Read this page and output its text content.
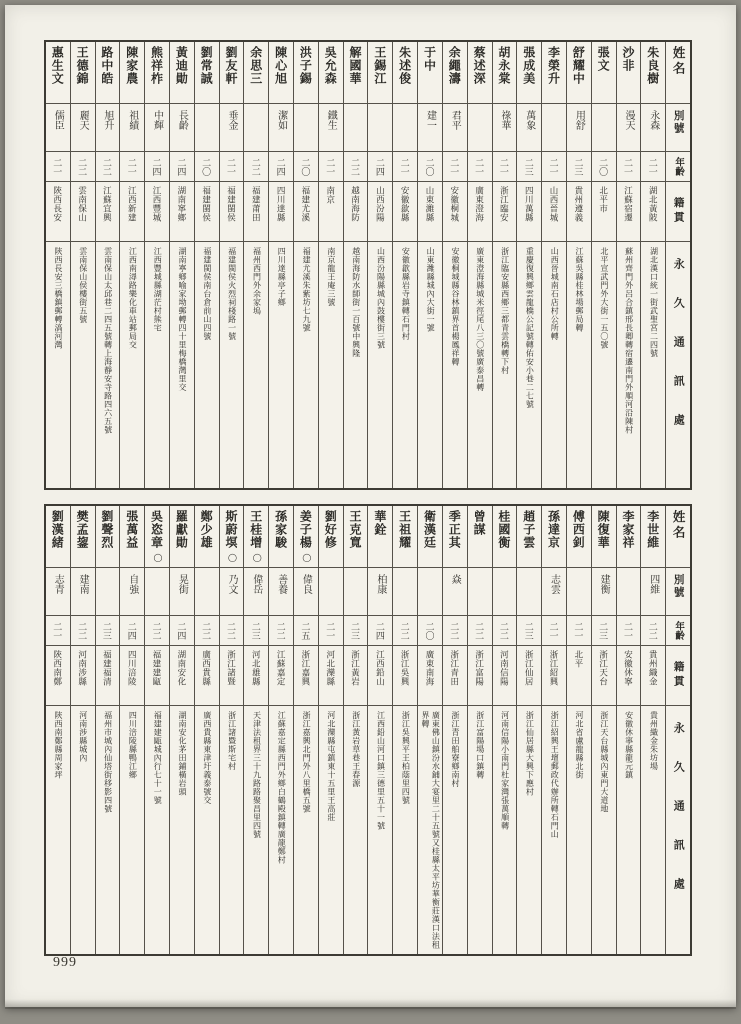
姓名
別號
年齡
籍貫
永久通訊處
朱良樹
永森
二一
湖北黃陂
湖北漢口統一街武聖宮二四號
沙非
漫天
二一
江蘇宿遷
蘇州齊門外呂合鎮邢長卿轉宿遷南門外順河沿陳村
張文
二〇
北平市
北平宣武門外大街一五〇號
舒耀中
用舒
二三
貴州遵義
江蘇吳縣桂林場郵局轉
李榮升
二一
山西晉城
山西晉城南石店村公所轉
張成美
萬象
二三
四川萬縣
重慶復興鄉雲龍橋公記號轉佑安小巷二七號
胡永棠
祿華
二一
浙江臨安
浙江臨安縣西鄉三都青雲橋轉下村
蔡述深
二一
廣東澄海
廣東澄海縣城米徑尾八三〇號廣泰昌轉
余繩濤
君平
二一
安徽桐城
安徽桐城縣谷林鎮界首楊鳳祥轉
于中
建一
二〇
山東濰縣
山東濰縣城內大街一號
朱述俊
二一
安徽歙縣
安徽歙縣岩寺鎮轉石門村
王錫江
二四
山西汾陽
山西汾陽縣城內鼓樓街三號
解國華
二二
越南海防
越南海防水師街一百號中興隆
吳允森
鐵生
二一
南京
南京龍王庵三號
洪子錫
二〇
福建尤溪
福建尤溪朱紫坊七九號
陳心旭
潔如
二四
四川達縣
四川達縣亭子鄉
余思三
二二
福建莆田
福州西門外余家塢
劉友軒
垂金
二一
福建閩侯
福建閩侯火烈祠棧路一號
劉常誠
二〇
福建閩侯
福建閩侯南台倉前山四號
黃迪勛
長齡
二四
湖南寧鄉
湖南寧鄉喻家坳郵轉四十里梅橋灣里交
熊祥柞
中輝
二四
江西豐城
江西豐城縣湖茫村熊宅
陳家農
祖績
二一
江西新建
江西南潯路樂化車站郵局交
路中皓
旭升
二二
江蘇宜興
雲南保山太邱巷二四五號轉上海靜安寺路四六五號
王德錦
麗天
二二
雲南保山
雲南保山侯樓街五號
惠生文
儒臣
二一
陝西長安
陝西長安三橋鎮郵轉滈河灣
姓名
別號
年齡
籍貫
永久通訊處
李世維
四維
二二
貴州織金
貴州織金朱坊場
李家祥
二一
安徽休寧
安徽休寧縣龍元鎮
陳復華
建衡
二三
浙江天台
浙江天台縣城內東門大道地
傅西釗
二一
北平
河北省盧龍縣北街
孫達京
志雲
二一
浙江紹興
浙江紹興王壇郵政代辦所轉石門山
趙子雲
二三
浙江仙居
浙江仙居縣大興下應村
桂國衡
二二
河南信陽
河南信陽小南門杜家灣張萬順轉
曾謀
二二
浙江富陽
浙江富陽場口鎮轉
季正其
焱
二二
浙江青田
浙江青田舶寮鄉南村
衛漢廷
二〇
廣東南海
廣東佛山鎮汾水鋪大宴里二十五號又桂縣太平坊華衡莊漢口法租界轉
王祖耀
二二
浙江吳興
浙江吳興平王柏蔭里四號
華銓
柏康
二四
江西鉛山
江西鉛山河口鎮三德里五十一號
王克寬
二三
浙江黃岩
浙江黃岩草巷王春源
劉好修
二一
河北灤縣
河北灤縣屯鎮東十五里王高莊
姜子楊
◯
偉良
二五
浙江嘉興
浙江嘉興北門外八里橋五號
孫家駿
善養
二二
江蘇嘉定
江蘇嘉定縣西門外鄉白鶴殿鎮轉廣龍鄭村
王桂增
◯
偉岳
二三
河北雄縣
天津法租界三十九路路聚昌里四號
斯蔚塓
◯
乃文
二二
浙江諸暨
浙江諸暨斯宅村
鄭少雄
二二
廣西貴縣
廣西貴縣東津圩義泰號交
羅獻勛
晃街
二四
湖南安化
湖南安化茅田鋪橫岩頭
吳恣章
◯
二二
福建建甌
福建建甌城內行七十一號
張萬益
自強
二四
四川涪陵
四川涪陵縣鴨江鄉
劉聲烈
二三
福建福清
福州市城內仙塔街移影四號
樊孟鋆
建南
二二
河南涉縣
河南涉縣城內
劉漢緒
志青
二一
陝西南鄭
陝西南鄭縣周家坪
999
